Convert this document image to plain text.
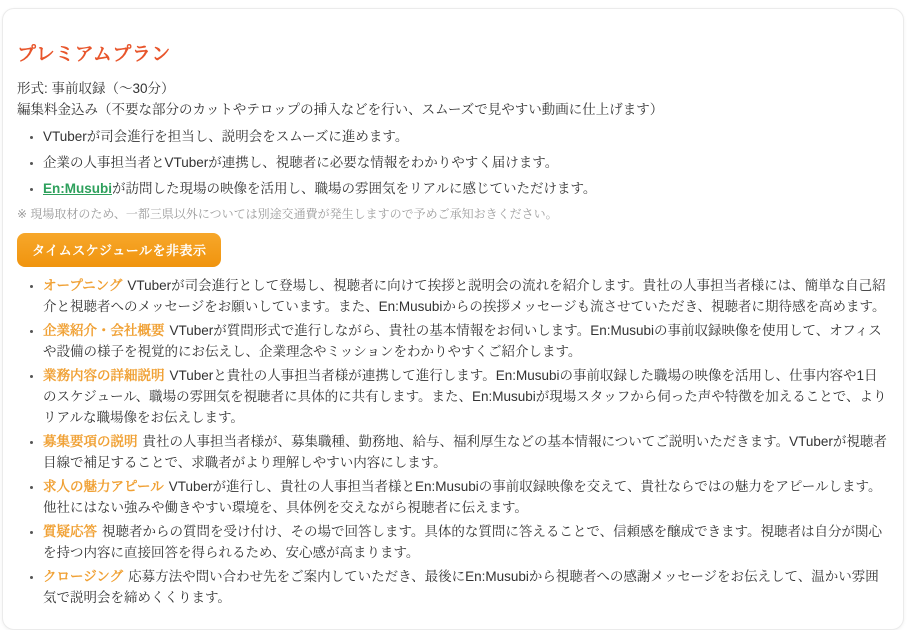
プレミアムプラン

形式: 事前収録（～30分）

編集料金込み（不要な部分のカットやテロップの挿入などを行い、スムーズで見やすい動画に仕上げます）

• VTuberが司会進行を担当し、説明会をスムーズに進めます。
• 企業の人事担当者とVTuberが連携し、視聴者に必要な情報をわかりやすく届けます。
• En:Musubiが訪問した現場の映像を活用し、職場の雰囲気をリアルに感じていただけます。

※ 現場取材のため、一都三県以外については別途交通費が発生しますので予めご承知おきください。

タイムスケジュールを非表示
• オープニング VTuberが司会進行として登場し、視聴者に向けて挨拶と説明会の流れを紹介します。貴社の人事担当者様には、簡単な自己紹介と視聴者へのメッセージをお願いしています。また、En:Musubiからの挨拶メッセージも流させていただき、視聴者に期待感を高めます。
• 企業紹介・会社概要 VTuberが質問形式で進行しながら、貴社の基本情報をお伺いします。En:Musubiの事前収録映像を使用して、オフィスや設備の様子を視覚的にお伝えし、企業理念やミッションをわかりやすくご紹介します。
• 業務内容の詳細説明 VTuberと貴社の人事担当者様が連携して進行します。En:Musubiの事前収録した職場の映像を活用し、仕事内容や1日のスケジュール、職場の雰囲気を視聴者に具体的に共有します。また、En:Musubiが現場スタッフから伺った声や特徴を加えることで、よりリアルな職場像をお伝えします。
• 募集要項の説明 貴社の人事担当者様が、募集職種、勤務地、給与、福利厚生などの基本情報についてご説明いただきます。VTuberが視聴者目線で補足することで、求職者がより理解しやすい内容にします。
• 求人の魅力アピール VTuberが進行し、貴社の人事担当者様とEn:Musubiの事前収録映像を交えて、貴社ならではの魅力をアピールします。他社にはない強みや働きやすい環境を、具体例を交えながら視聴者に伝えます。
• 質疑応答 視聴者からの質問を受け付け、その場で回答します。具体的な質問に答えることで、信頼感を醸成できます。視聴者は自分が関心を持つ内容に直接回答を得られるため、安心感が高まります。
• クロージング 応募方法や問い合わせ先をご案内していただき、最後にEn:Musubiから視聴者への感謝メッセージをお伝えして、温かい雰囲気で説明会を締めくくります。
